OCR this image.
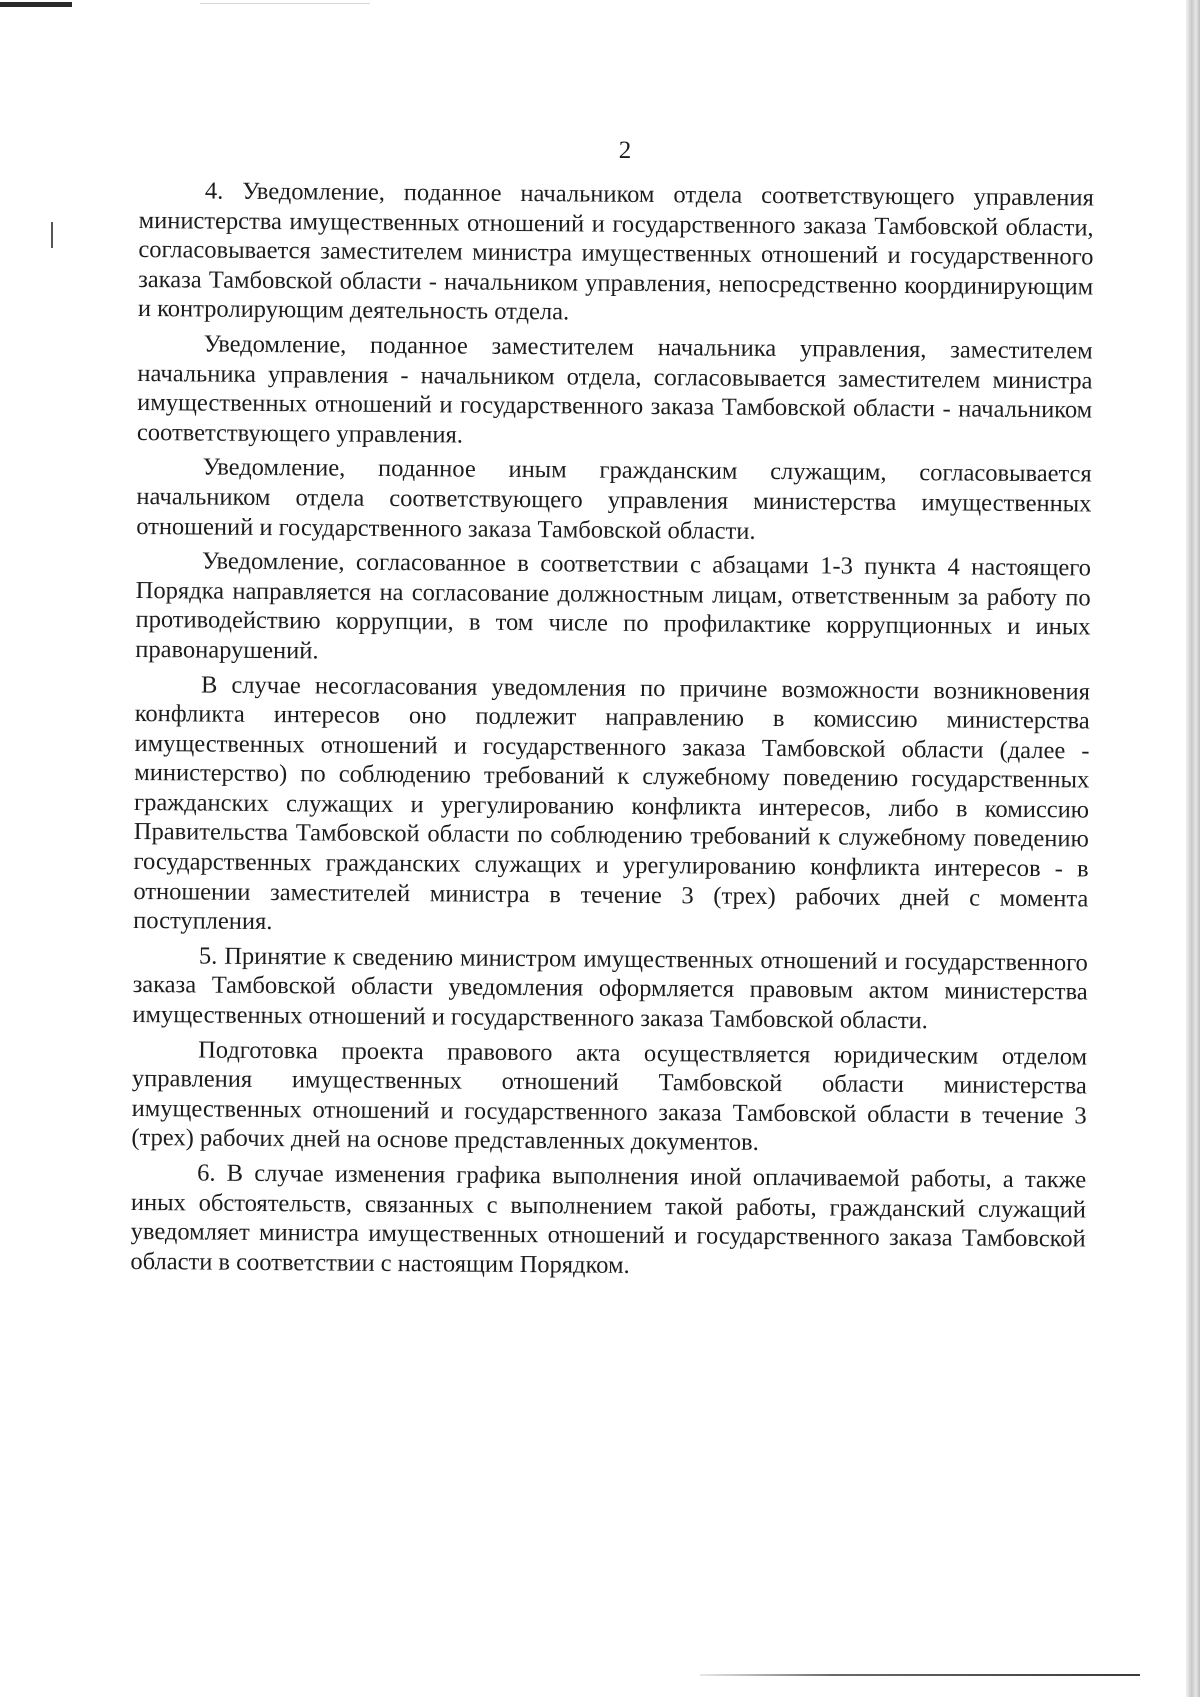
2

4. Уведомление, поданное начальником отдела соответствующего управления министерства имущественных отношений и государственного заказа Тамбовской области, согласовывается заместителем министра имущественных отношений и государственного заказа Тамбовской области - начальником управления, непосредственно координирующим и контролирующим деятельность отдела.

Уведомление, поданное заместителем начальника управления, заместителем начальника управления - начальником отдела, согласовывается заместителем министра имущественных отношений и государственного заказа Тамбовской области - начальником соответствующего управления.

Уведомление, поданное иным гражданским служащим, согласовывается начальником отдела соответствующего управления министерства имущественных отношений и государственного заказа Тамбовской области.

Уведомление, согласованное в соответствии с абзацами 1-3 пункта 4 настоящего Порядка направляется на согласование должностным лицам, ответственным за работу по противодействию коррупции, в том числе по профилактике коррупционных и иных правонарушений.

В случае несогласования уведомления по причине возможности возникновения конфликта интересов оно подлежит направлению в комиссию министерства имущественных отношений и государственного заказа Тамбовской области (далее - министерство) по соблюдению требований к служебному поведению государственных гражданских служащих и урегулированию конфликта интересов, либо в комиссию Правительства Тамбовской области по соблюдению требований к служебному поведению государственных гражданских служащих и урегулированию конфликта интересов - в отношении заместителей министра в течение 3 (трех) рабочих дней с момента поступления.

5. Принятие к сведению министром имущественных отношений и государственного заказа Тамбовской области уведомления оформляется правовым актом министерства имущественных отношений и государственного заказа Тамбовской области.

Подготовка проекта правового акта осуществляется юридическим отделом управления имущественных отношений Тамбовской области министерства имущественных отношений и государственного заказа Тамбовской области в течение 3 (трех) рабочих дней на основе представленных документов.

6. В случае изменения графика выполнения иной оплачиваемой работы, а также иных обстоятельств, связанных с выполнением такой работы, гражданский служащий уведомляет министра имущественных отношений и государственного заказа Тамбовской области в соответствии с настоящим Порядком.
